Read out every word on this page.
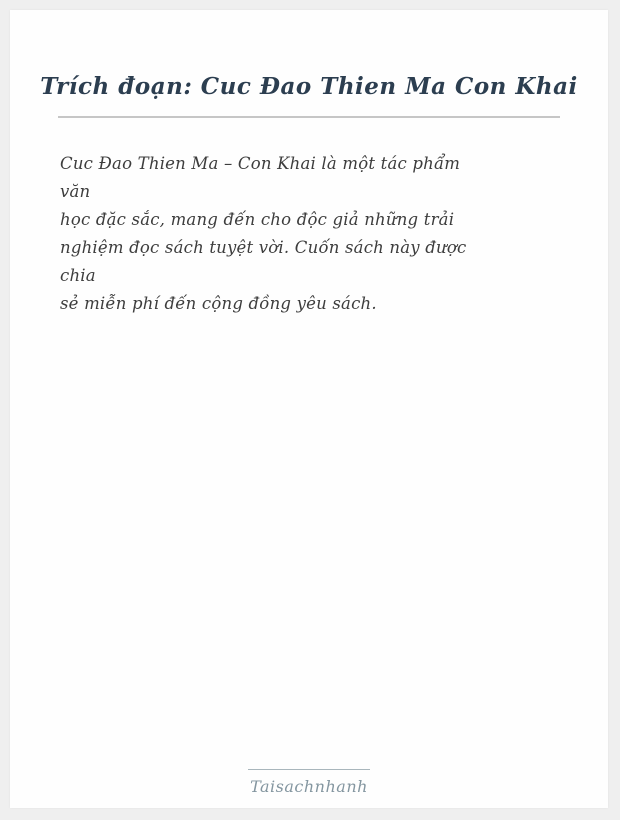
Trích đoạn: Cuc Đao Thien Ma Con Khai
Cuc Đao Thien Ma – Con Khai là một tác phẩm
văn
học đặc sắc, mang đến cho độc giả những trải
nghiệm đọc sách tuyệt vời. Cuốn sách này được
chia
sẻ miễn phí đến cộng đồng yêu sách.
Taisachnhanh
